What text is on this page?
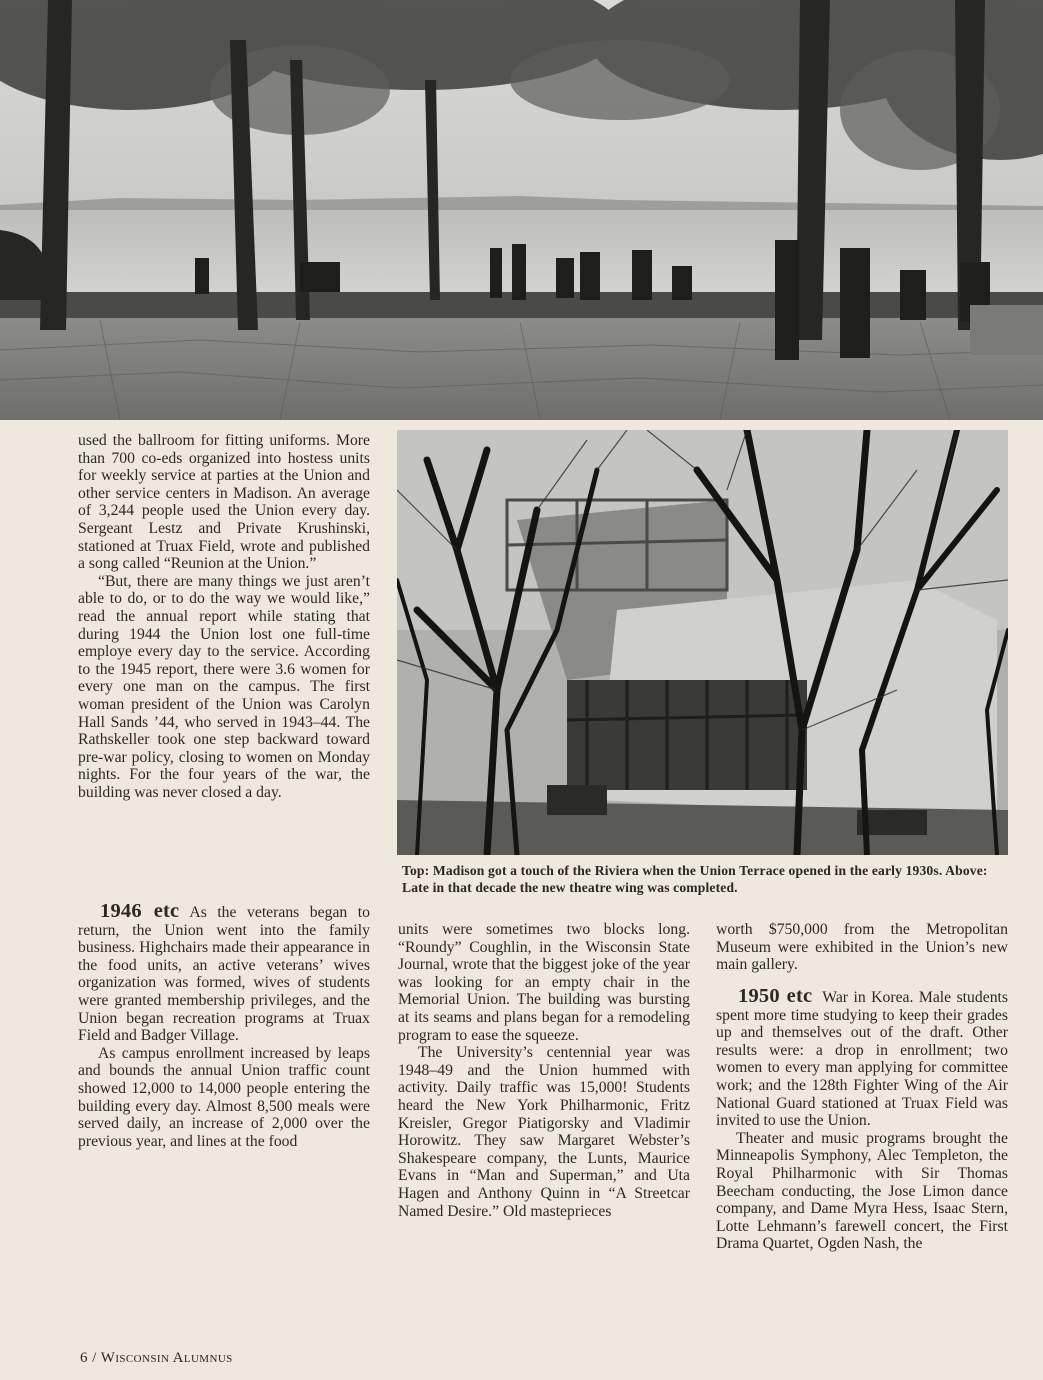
Top: Madison got a touch of the Riviera when the Union Terrace opened in the early 1930s. Above: Late in that decade the new theatre wing was completed.

used the ballroom for fitting uniforms. More than 700 co-eds organized into hostess units for weekly service at parties at the Union and other service centers in Madison. An average of 3,244 people used the Union every day. Sergeant Lestz and Private Krushinski, stationed at Truax Field, wrote and published a song called “Reunion at the Union.”

“But, there are many things we just aren’t able to do, or to do the way we would like,” read the annual report while stating that during 1944 the Union lost one full-time employe every day to the service. According to the 1945 report, there were 3.6 women for every one man on the campus. The first woman president of the Union was Carolyn Hall Sands ’44, who served in 1943–44. The Rathskeller took one step backward toward pre-war policy, closing to women on Monday nights. For the four years of the war, the building was never closed a day.

1946 etc As the veterans began to return, the Union went into the family business. Highchairs made their appearance in the food units, an active veterans’ wives organization was formed, wives of students were granted membership privileges, and the Union began recreation programs at Truax Field and Badger Village.

As campus enrollment increased by leaps and bounds the annual Union traffic count showed 12,000 to 14,000 people entering the building every day. Almost 8,500 meals were served daily, an increase of 2,000 over the previous year, and lines at the food

units were sometimes two blocks long. “Roundy” Coughlin, in the Wisconsin State Journal, wrote that the biggest joke of the year was looking for an empty chair in the Memorial Union. The building was bursting at its seams and plans began for a remodeling program to ease the squeeze.

The University’s centennial year was 1948–49 and the Union hummed with activity. Daily traffic was 15,000! Students heard the New York Philharmonic, Fritz Kreisler, Gregor Piatigorsky and Vladimir Horowitz. They saw Margaret Webster’s Shakespeare company, the Lunts, Maurice Evans in “Man and Superman,” and Uta Hagen and Anthony Quinn in “A Streetcar Named Desire.” Old masteprieces

worth $750,000 from the Metropolitan Museum were exhibited in the Union’s new main gallery.

1950 etc War in Korea. Male students spent more time studying to keep their grades up and themselves out of the draft. Other results were: a drop in enrollment; two women to every man applying for committee work; and the 128th Fighter Wing of the Air National Guard stationed at Truax Field was invited to use the Union.

Theater and music programs brought the Minneapolis Symphony, Alec Templeton, the Royal Philharmonic with Sir Thomas Beecham conducting, the Jose Limon dance company, and Dame Myra Hess, Isaac Stern, Lotte Lehmann’s farewell concert, the First Drama Quartet, Ogden Nash, the

6 / Wisconsin Alumnus
